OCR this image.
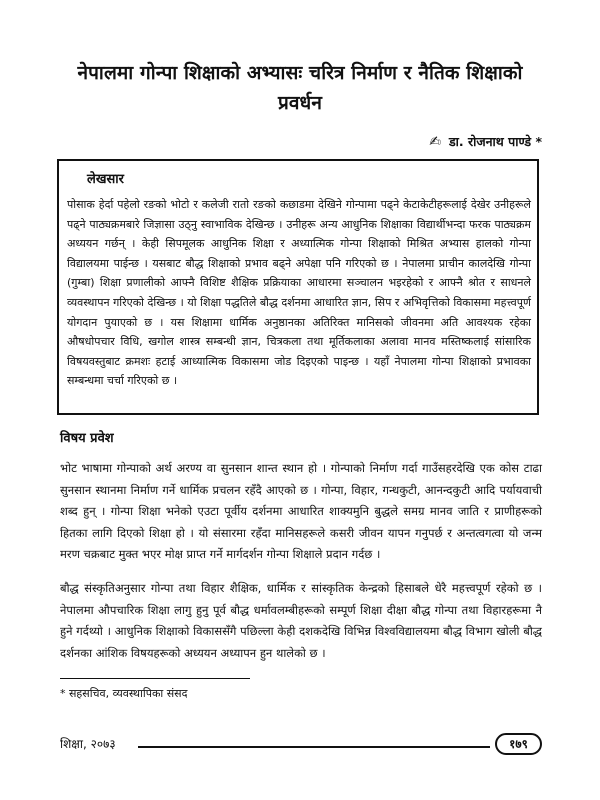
नेपालमा गोन्पा शिक्षाको अभ्यासः चरित्र निर्माण र नैतिक शिक्षाको प्रवर्धन
✍ डा. रोजनाथ पाण्डे *
लेखसार
पोसाक हेर्दा पहेलो रङको भोटो र कलेजी रातो रङको कछाडमा देखिने गोन्पामा पढ्ने केटाकेटीहरूलाई देखेर उनीहरूले पढ्ने पाठ्यक्रमबारे जिज्ञासा उठ्नु स्वाभाविक देखिन्छ । उनीहरू अन्य आधुनिक शिक्षाका विद्यार्थीभन्दा फरक पाठ्यक्रम अध्ययन गर्छन् । केही सिपमूलक आधुनिक शिक्षा र अध्यात्मिक गोन्पा शिक्षाको मिश्रित अभ्यास हालको गोन्पा विद्यालयमा पाईन्छ । यसबाट बौद्ध शिक्षाको प्रभाव बढ्ने अपेक्षा पनि गरिएको छ । नेपालमा प्राचीन कालदेखि गोन्पा (गुम्बा) शिक्षा प्रणालीको आफ्नै विशिष्ट शैक्षिक प्रक्रियाका आधारमा सञ्चालन भइरहेको र आफ्नै श्रोत र साधनले व्यवस्थापन गरिएको देखिन्छ । यो शिक्षा पद्धतिले बौद्ध दर्शनमा आधारित ज्ञान, सिप र अभिवृत्तिको विकासमा महत्त्वपूर्ण योगदान पुयाएको छ । यस शिक्षामा धार्मिक अनुष्ठानका अतिरिक्त मानिसको जीवनमा अति आवश्यक रहेका औषधोपचार विधि, खगोल शास्त्र सम्बन्धी ज्ञान, चित्रकला तथा मूर्तिकलाका अलावा मानव मस्तिष्कलाई सांसारिक विषयवस्तुबाट क्रमशः हटाई आध्यात्मिक विकासमा जोड दिइएको पाइन्छ । यहाँ नेपालमा गोन्पा शिक्षाको प्रभावका सम्बन्धमा चर्चा गरिएको छ ।
विषय प्रवेश
भोट भाषामा गोन्पाको अर्थ अरण्य वा सुनसान शान्त स्थान हो । गोन्पाको निर्माण गर्दा गाउँसहरदेखि एक कोस टाढा सुनसान स्थानमा निर्माण गर्ने धार्मिक प्रचलन रहँदै आएको छ । गोन्पा, विहार, गन्धकुटी, आनन्दकुटी आदि पर्यायवाची शब्द हुन् । गोन्पा शिक्षा भनेको एउटा पूर्वीय दर्शनमा आधारित शाक्यमुनि बुद्धले समग्र मानव जाति र प्राणीहरूको हितका लागि दिएको शिक्षा हो । यो संसारमा रहँदा मानिसहरूले कसरी जीवन यापन गनुपर्छ र अन्तत्वगत्वा यो जन्म मरण चक्रबाट मुक्त भएर मोक्ष प्राप्त गर्ने मार्गदर्शन गोन्पा शिक्षाले प्रदान गर्दछ ।
बौद्ध संस्कृतिअनुसार गोन्पा तथा विहार शैक्षिक, धार्मिक र सांस्कृतिक केन्द्रको हिसाबले धेरै महत्त्वपूर्ण रहेको छ । नेपालमा औपचारिक शिक्षा लागु हुनु पूर्व बौद्ध धर्मावलम्बीहरूको सम्पूर्ण शिक्षा दीक्षा बौद्ध गोन्पा तथा विहारहरूमा नै हुने गर्दथ्यो । आधुनिक शिक्षाको विकाससँगै पछिल्ला केही दशकदेखि विभिन्न विश्वविद्यालयमा बौद्ध विभाग खोली बौद्ध दर्शनका आंशिक विषयहरूको अध्ययन अध्यापन हुन थालेको छ ।
* सहसचिव, व्यवस्थापिका संसद
शिक्षा, २०७३	१७९
